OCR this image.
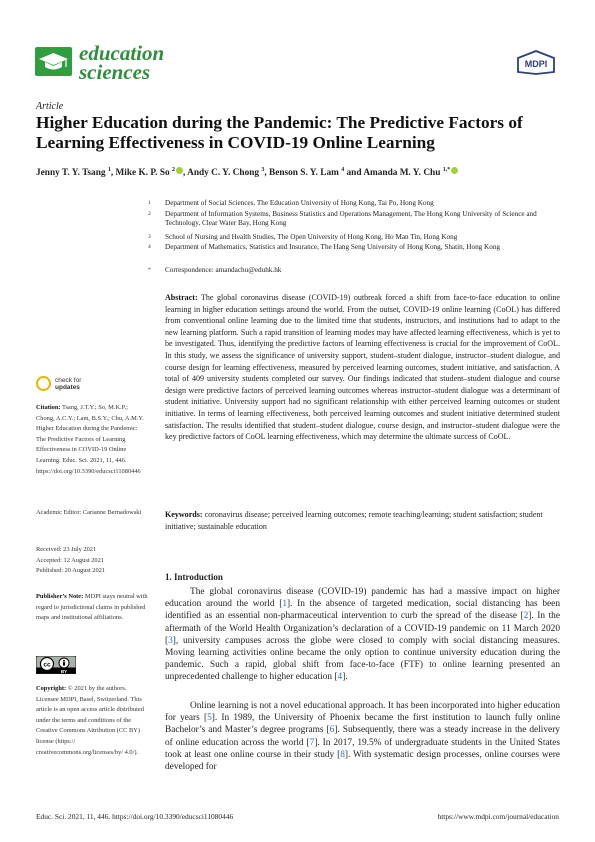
education
sciences	MDPI
Article
Higher Education during the Pandemic: The Predictive Factors of Learning Effectiveness in COVID-19 Online Learning
Jenny T. Y. Tsang $^1$, Mike K. P. So $^2$ , Andy C. Y. Chong $^3$, Benson S. Y. Lam $^4$ and Amanda M. Y. Chu $^{1,*}$
1 Department of Social Sciences, The Education University of Hong Kong, Tai Po, Hong Kong
2 Department of Information Systems, Business Statistics and Operations Management, The Hong Kong University of Science and Technology, Clear Water Bay, Hong Kong
3 School of Nursing and Health Studies, The Open University of Hong Kong, Ho Man Tin, Hong Kong
4 Department of Mathematics, Statistics and Insurance, The Hang Seng University of Hong Kong, Shatin, Hong Kong
* Correspondence: amandachu@eduhk.hk
Abstract: The global coronavirus disease (COVID-19) outbreak forced a shift from face-to-face education to online learning in higher education settings around the world. From the outset, COVID-19 online learning (CoOL) has differed from conventional online learning due to the limited time that students, instructors, and institutions had to adapt to the new learning platform. Such a rapid transition of learning modes may have affected learning effectiveness, which is yet to be investigated. Thus, identifying the predictive factors of learning effectiveness is crucial for the improvement of CoOL. In this study, we assess the significance of university support, student–student dialogue, instructor–student dialogue, and course design for learning effectiveness, measured by perceived learning outcomes, student initiative, and satisfaction. A total of 409 university students completed our survey. Our findings indicated that student–student dialogue and course design were predictive factors of perceived learning outcomes whereas instructor–student dialogue was a determinant of student initiative. University support had no significant relationship with either perceived learning outcomes or student initiative. In terms of learning effectiveness, both perceived learning outcomes and student initiative determined student satisfaction. The results identified that student–student dialogue, course design, and instructor–student dialogue were the key predictive factors of CoOL learning effectiveness, which may determine the ultimate success of CoOL.
Keywords: coronavirus disease; perceived learning outcomes; remote teaching/learning; student satisfaction; student initiative; sustainable education
check for
updates
Citation: Tsang, J.T.Y.; So, M.K.P.; Chong, A.C.Y.; Lam, B.S.Y.; Chu, A.M.Y. Higher Education during the Pandemic: The Predictive Factors of Learning Effectiveness in COVID-19 Online Learning. Educ. Sci. 2021, 11, 446. https://doi.org/10.3390/educsci11080446
Academic Editor: Carianne Bernadowski
Received: 23 July 2021
Accepted: 12 August 2021
Published: 20 August 2021
Publisher’s Note: MDPI stays neutral with regard to jurisdictional claims in published maps and institutional affiliations.
cc
BY
Copyright: © 2021 by the authors. Licensee MDPI, Basel, Switzerland. This article is an open access article distributed under the terms and conditions of the Creative Commons Attribution (CC BY) license (https:// creativecommons.org/licenses/by/ 4.0/).
1. Introduction

The global coronavirus disease (COVID-19) pandemic has had a massive impact on higher education around the world [1]. In the absence of targeted medication, social distancing has been identified as an essential non-pharmaceutical intervention to curb the spread of the disease [2]. In the aftermath of the World Health Organization’s declaration of a COVID-19 pandemic on 11 March 2020 [3], university campuses across the globe were closed to comply with social distancing measures. Moving learning activities online became the only option to continue university education during the pandemic. Such a rapid, global shift from face-to-face (FTF) to online learning presented an unprecedented challenge to higher education [4].

Online learning is not a novel educational approach. It has been incorporated into higher education for years [5]. In 1989, the University of Phoenix became the first institution to launch fully online Bachelor’s and Master’s degree programs [6]. Subsequently, there was a steady increase in the delivery of online education across the world [7]. In 2017, 19.5% of undergraduate students in the United States took at least one online course in their study [8]. With systematic design processes, online courses were developed for

Educ. Sci. 2021, 11, 446. https://doi.org/10.3390/educsci11080446	https://www.mdpi.com/journal/education
